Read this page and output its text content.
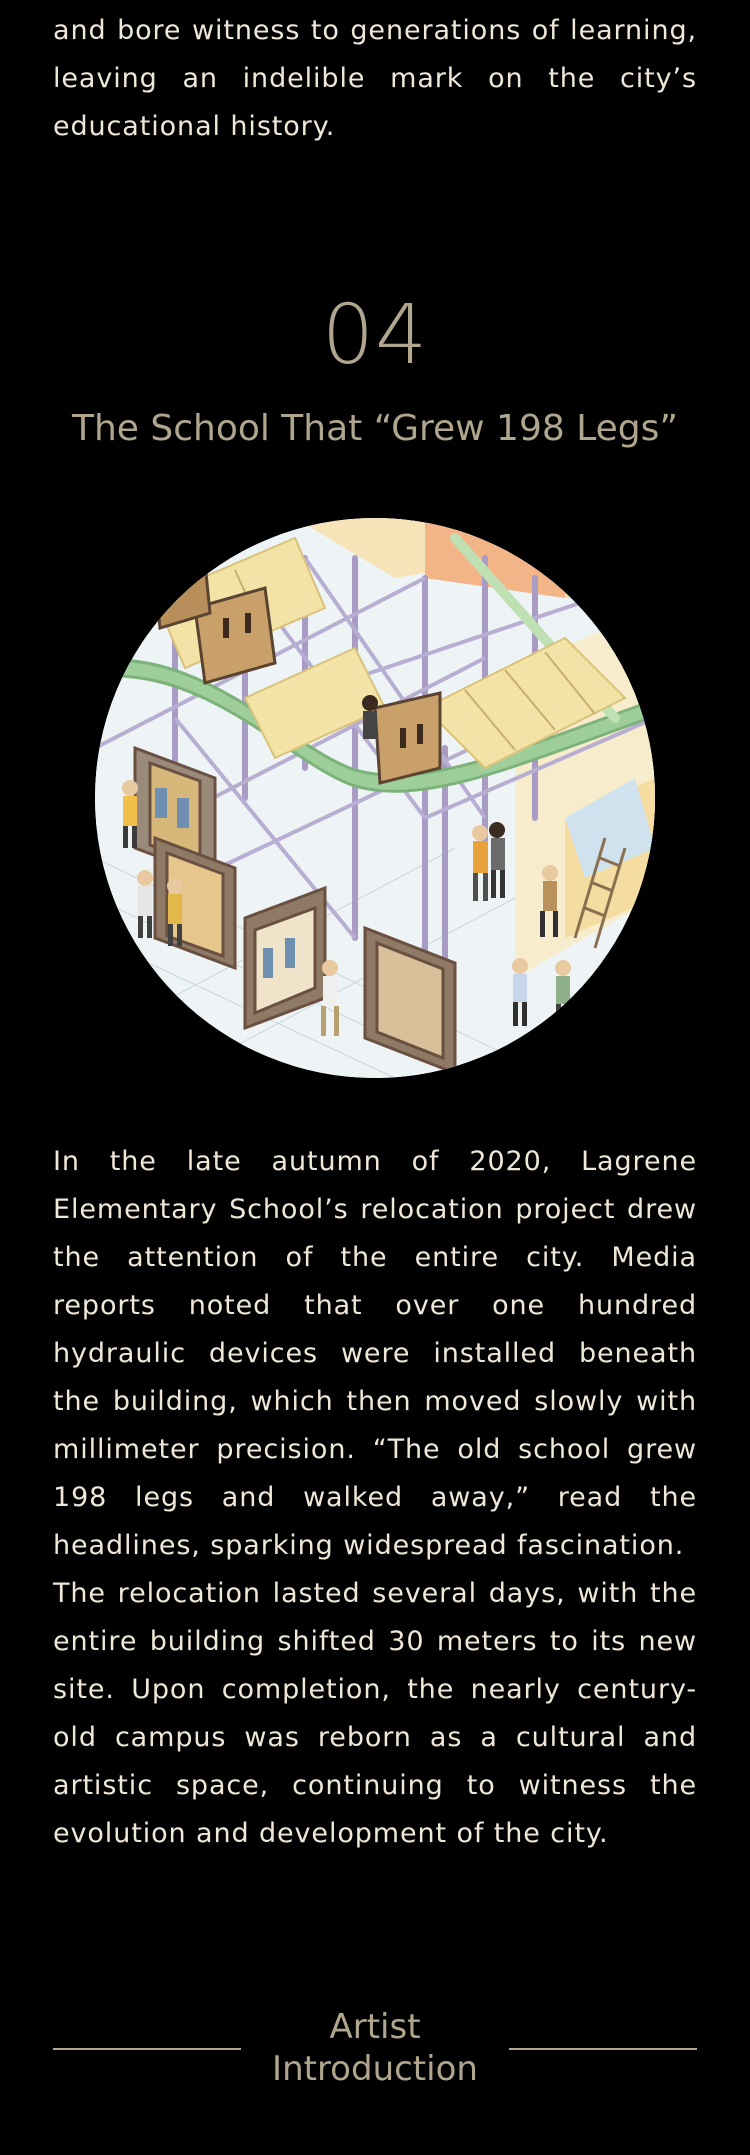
and bore witness to generations of learning, leaving an indelible mark on the city’s educational history.

04
The School That “Grew 198 Legs”

In the late autumn of 2020, Lagrene Elementary School’s relocation project drew the attention of the entire city. Media reports noted that over one hundred hydraulic devices were installed beneath the building, which then moved slowly with millimeter precision. “The old school grew 198 legs and walked away,” read the headlines, sparking widespread fascination.

The relocation lasted several days, with the entire building shifted 30 meters to its new site. Upon completion, the nearly century-old campus was reborn as a cultural and artistic space, continuing to witness the evolution and development of the city.

Artist
Introduction
